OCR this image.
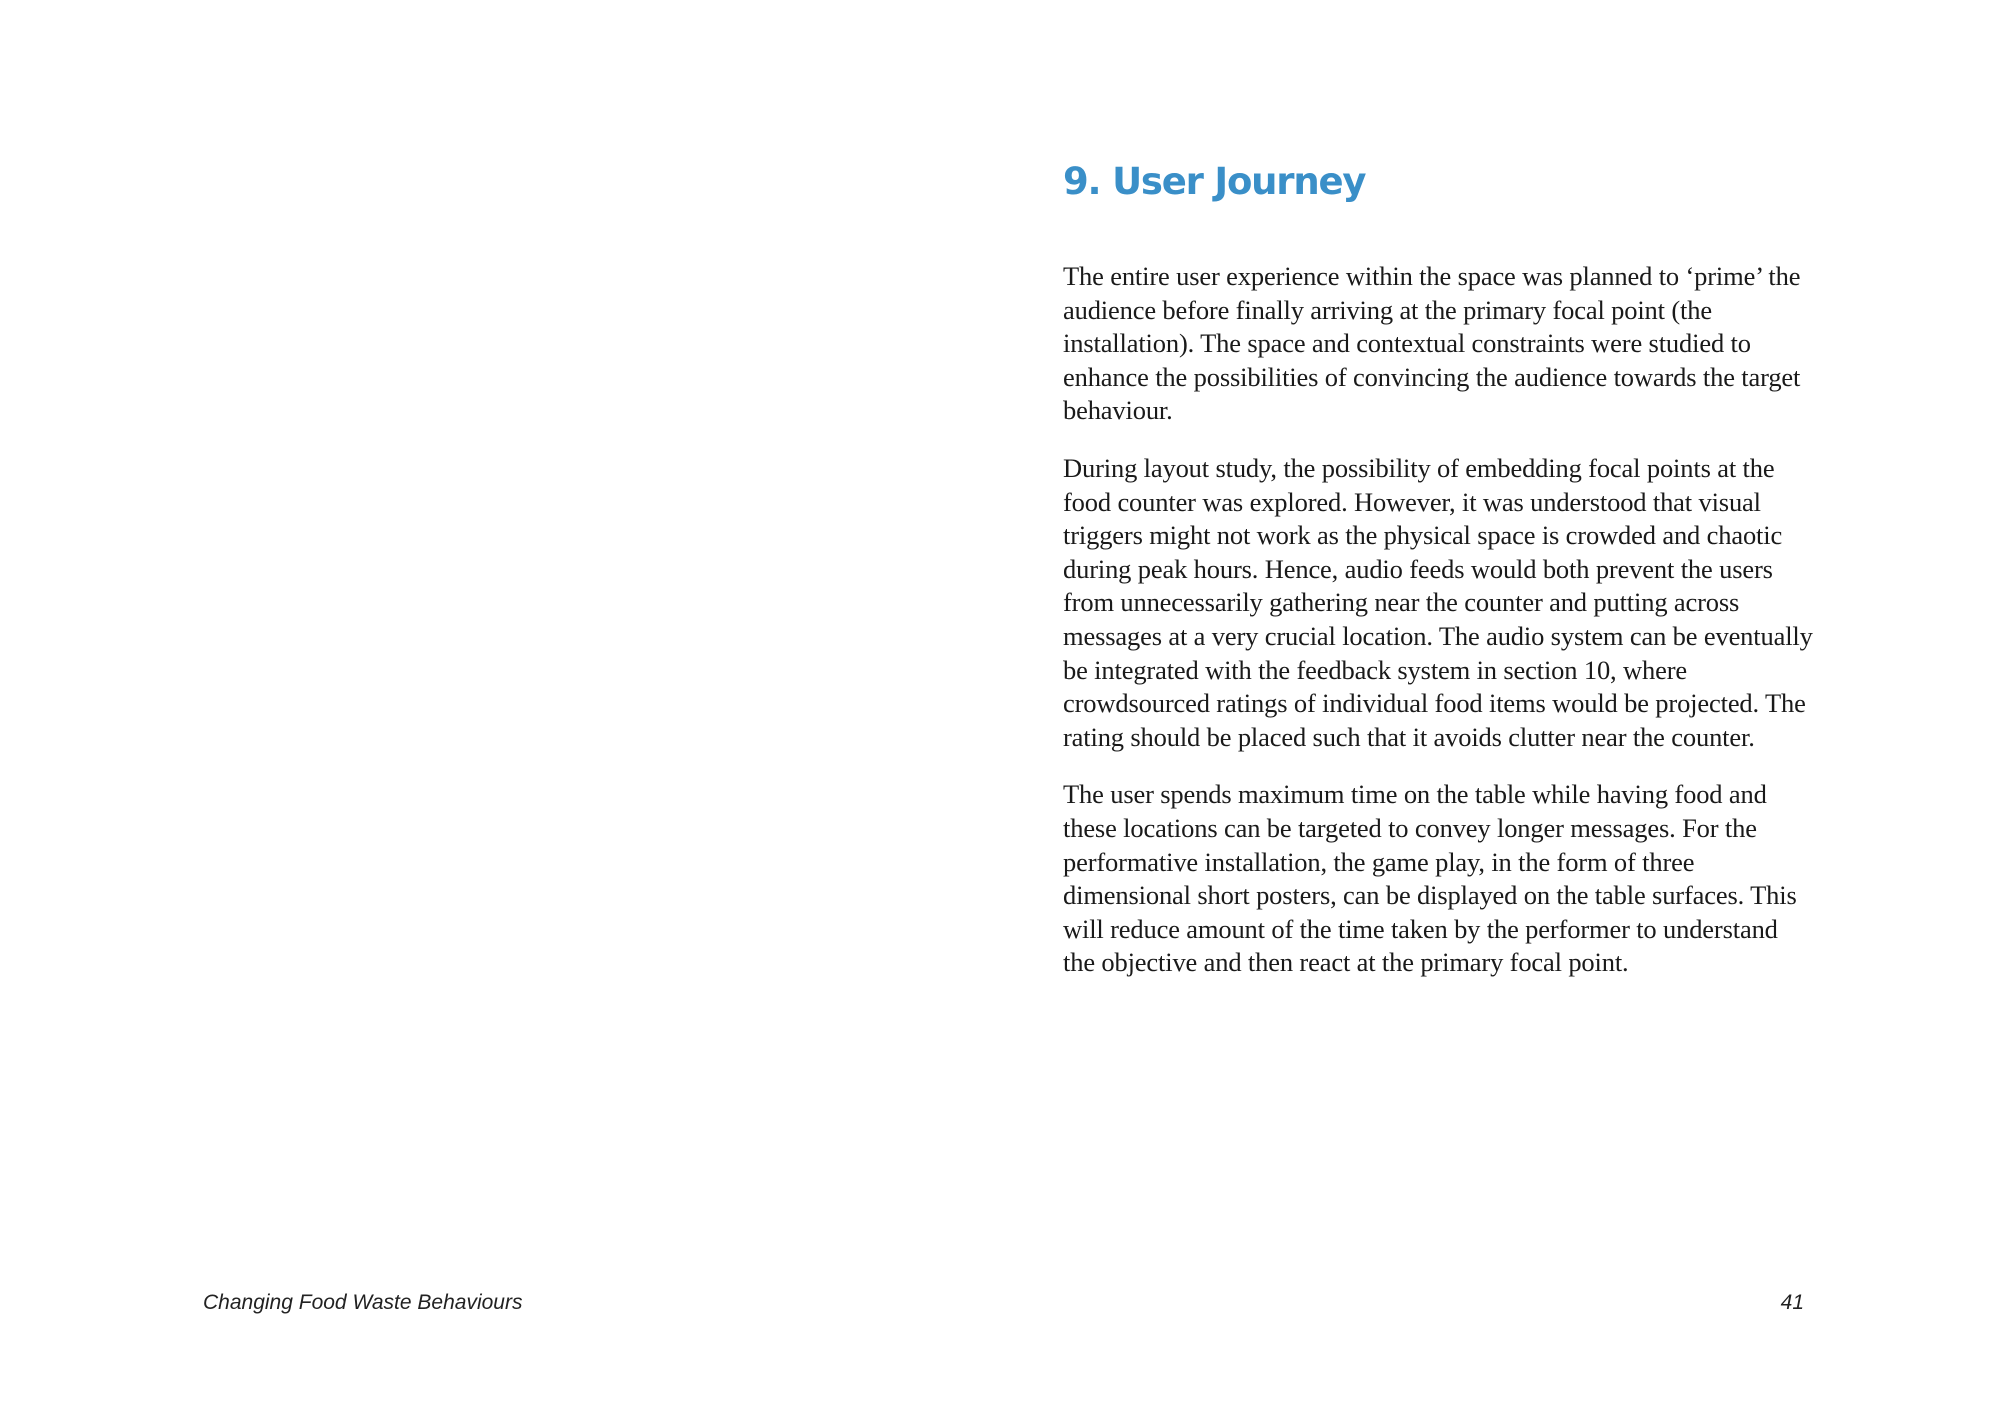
Changing Food Waste Behaviours
9. User Journey

The entire user experience within the space was planned to ‘prime’ the audience before finally arriving at the primary focal point (the installation). The space and contextual constraints were studied to enhance the possibilities of convincing the audience towards the target behaviour.

During layout study, the possibility of embedding focal points at the food counter was explored. However, it was understood that visual triggers might not work as the physical space is crowded and chaotic during peak hours. Hence, audio feeds would both prevent the users from unnecessarily gathering near the counter and putting across messages at a very crucial location. The audio system can be eventually be integrated with the feedback system in section 10, where crowdsourced ratings of individual food items would be projected. The rating should be placed such that it avoids clutter near the counter.

The user spends maximum time on the table while having food and these locations can be targeted to convey longer messages. For the performative installation, the game play, in the form of three dimensional short posters, can be displayed on the table surfaces. This will reduce amount of the time taken by the performer to understand the objective and then react at the primary focal point.

41
